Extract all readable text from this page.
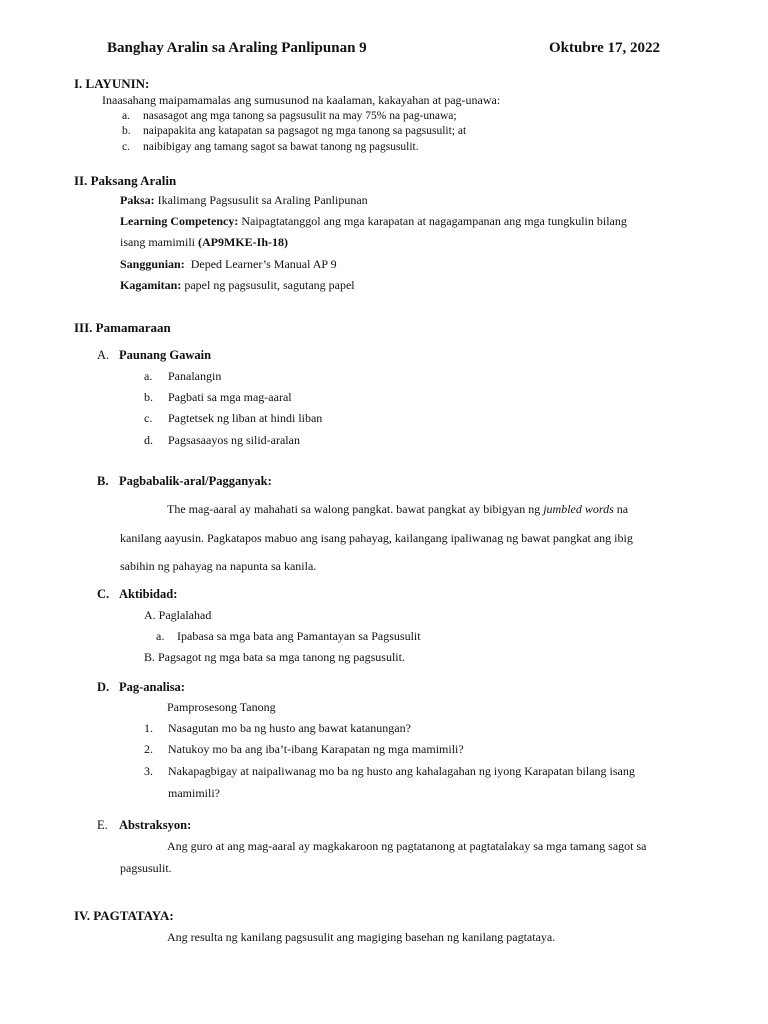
Banghay Aralin sa Araling Panlipunan 9	Oktubre 17, 2022
I. LAYUNIN:
Inaasahang maipamamalas ang sumusunod na kaalaman, kakayahan at pag-unawa:
a. nasasagot ang mga tanong sa pagsusulit na may 75% na pag-unawa;
b. naipapakita ang katapatan sa pagsagot ng mga tanong sa pagsusulit; at
c. naibibigay ang tamang sagot sa bawat tanong ng pagsusulit.
II. Paksang Aralin
Paksa: Ikalimang Pagsusulit sa Araling Panlipunan
Learning Competency: Naipagtatanggol ang mga karapatan at nagagampanan ang mga tungkulin bilang
isang mamimili (AP9MKE-Ih-18)
Sanggunian: Deped Learner’s Manual AP 9
Kagamitan: papel ng pagsusulit, sagutang papel
III. Pamamaraan
A. Paunang Gawain
a. Panalangin
b. Pagbati sa mga mag-aaral
c. Pagtetsek ng liban at hindi liban
d. Pagsasaayos ng silid-aralan
B. Pagbabalik-aral/Pagganyak:
The mag-aaral ay mahahati sa walong pangkat. bawat pangkat ay bibigyan ng jumbled words na
kanilang aayusin. Pagkatapos mabuo ang isang pahayag, kailangang ipaliwanag ng bawat pangkat ang ibig
sabihin ng pahayag na napunta sa kanila.
C. Aktibidad:
A. Paglalahad
a. Ipabasa sa mga bata ang Pamantayan sa Pagsusulit
B. Pagsagot ng mga bata sa mga tanong ng pagsusulit.
D. Pag-analisa:
Pamprosesong Tanong
1. Nasagutan mo ba ng husto ang bawat katanungan?
2. Natukoy mo ba ang iba’t-ibang Karapatan ng mga mamimili?
3. Nakapagbigay at naipaliwanag mo ba ng husto ang kahalagahan ng iyong Karapatan bilang isang
mamimili?
E. Abstraksyon:
Ang guro at ang mag-aaral ay magkakaroon ng pagtatanong at pagtatalakay sa mga tamang sagot sa
pagsusulit.
IV. PAGTATAYA:
Ang resulta ng kanilang pagsusulit ang magiging basehan ng kanilang pagtataya.
